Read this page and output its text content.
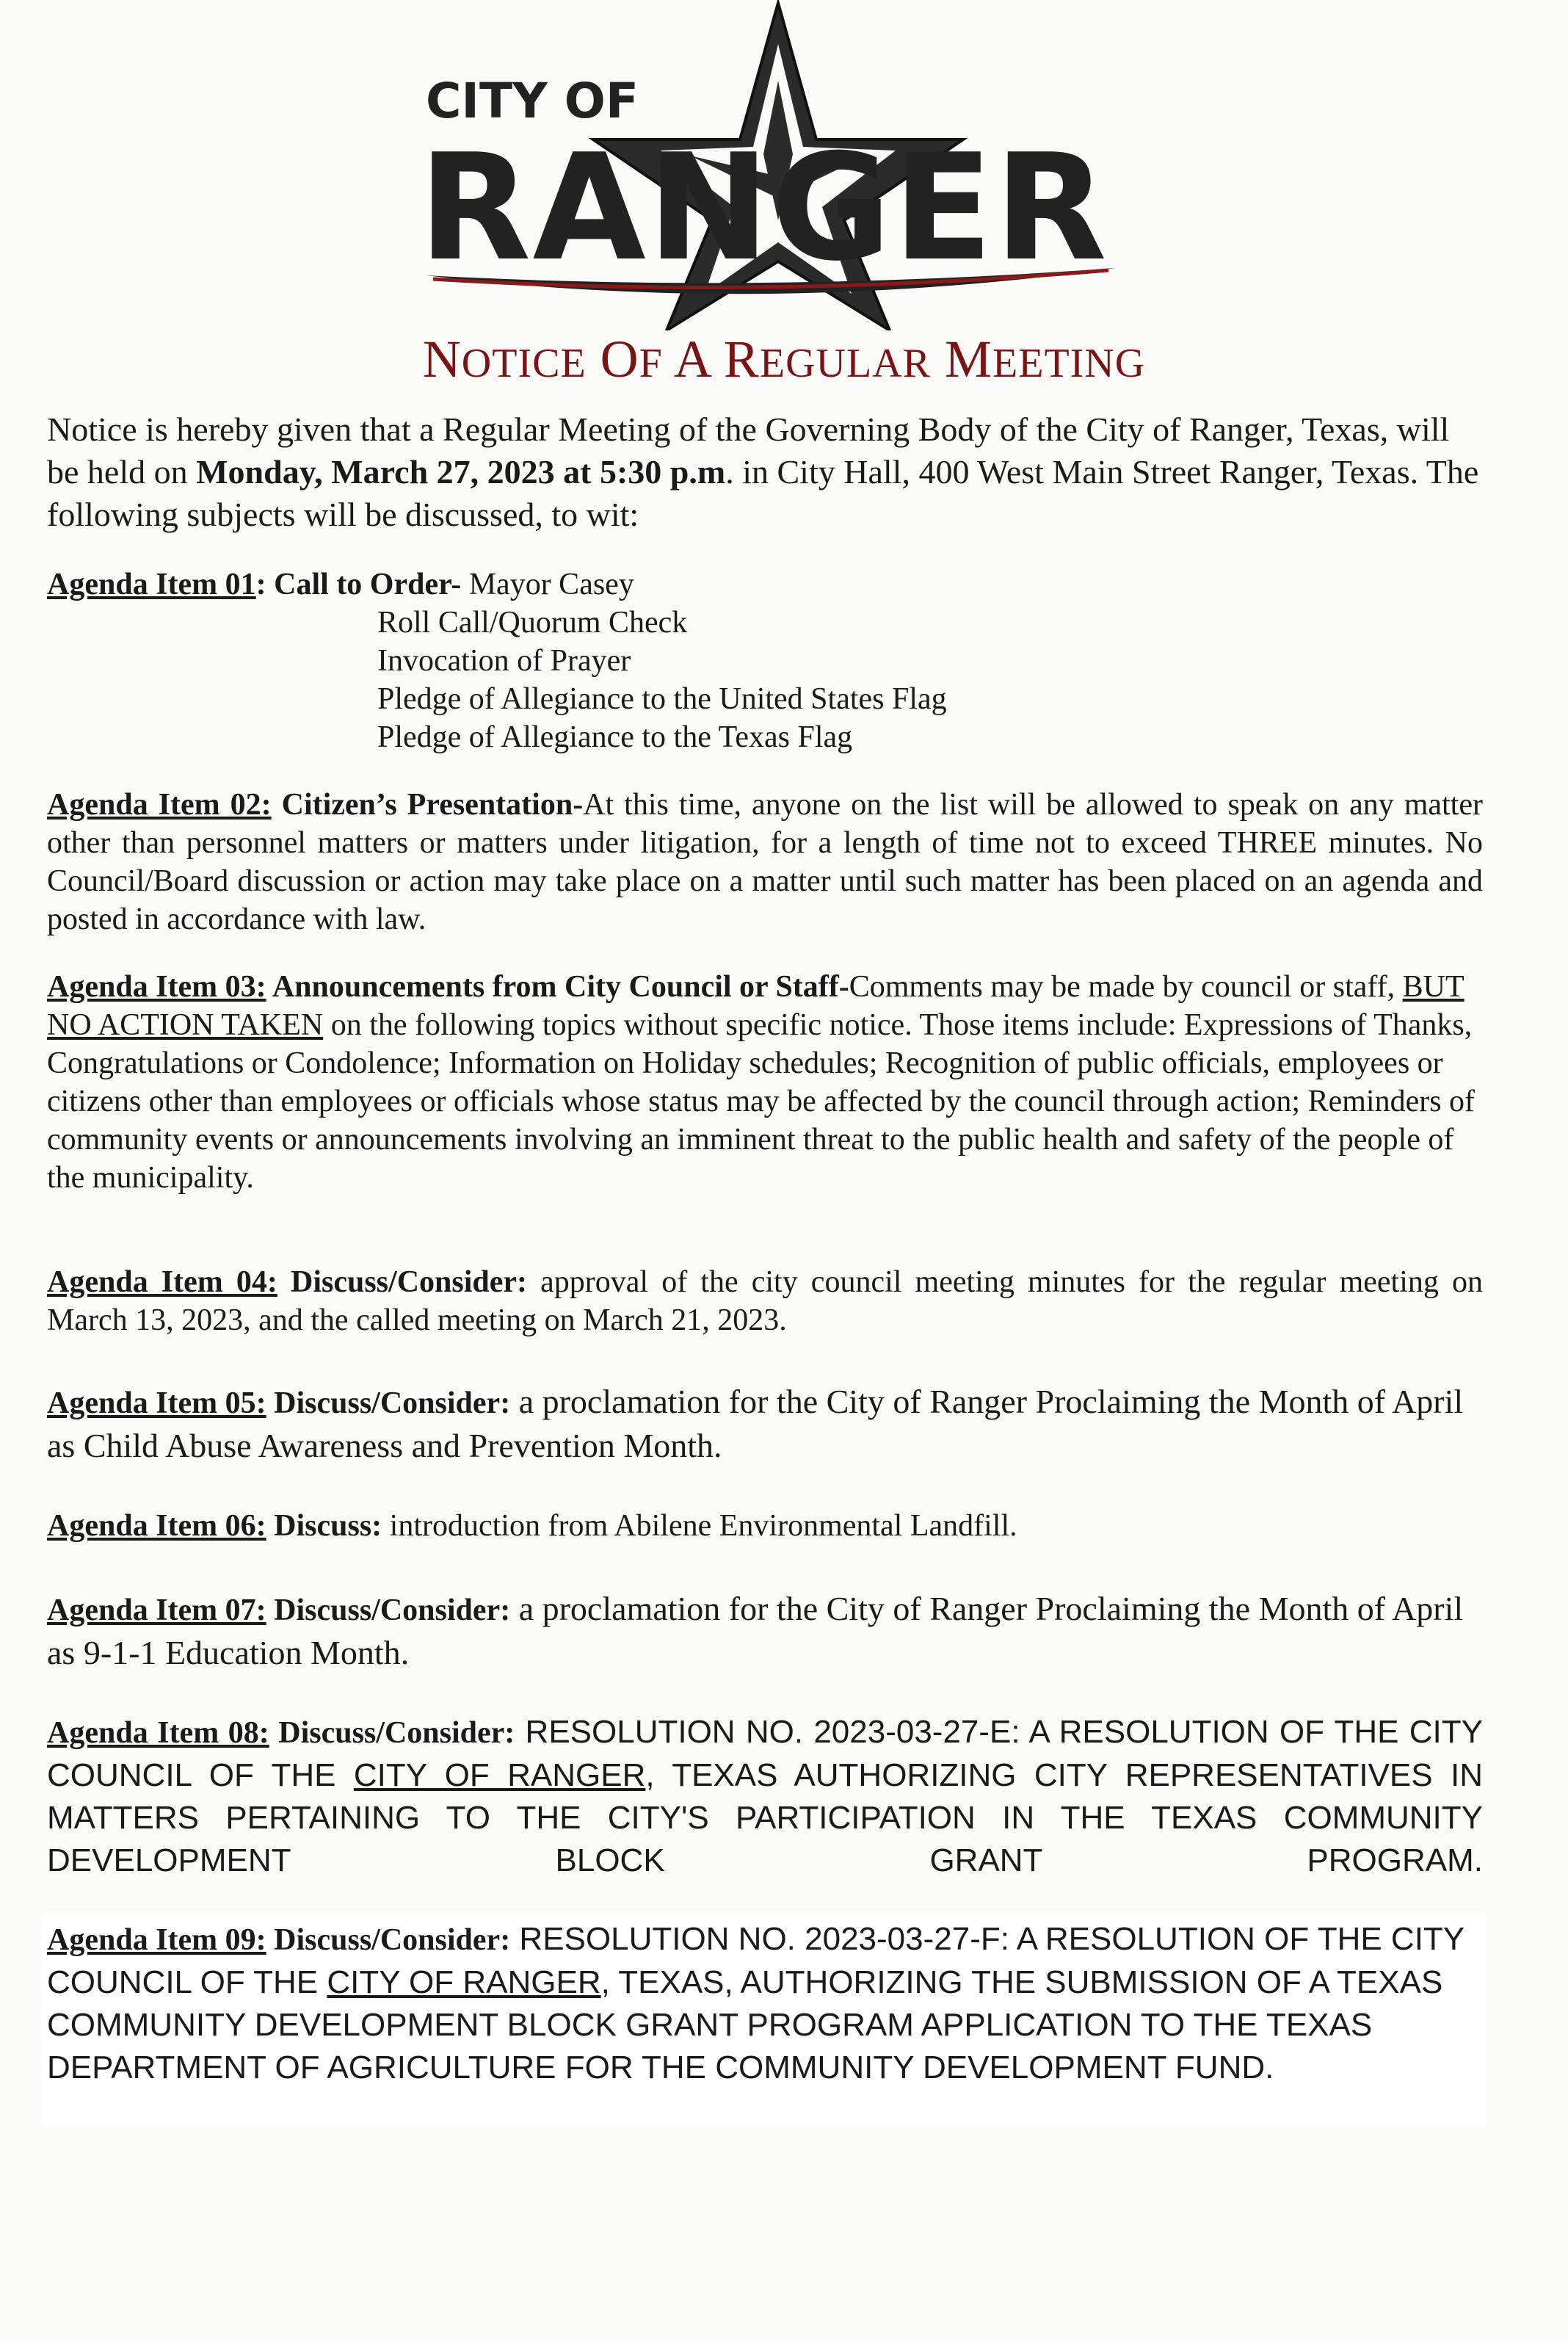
CITY OF
RANGER
NOTICE OF A REGULAR MEETING

Notice is hereby given that a Regular Meeting of the Governing Body of the City of Ranger, Texas, will be held on Monday, March 27, 2023 at 5:30 p.m. in City Hall, 400 West Main Street Ranger, Texas. The following subjects will be discussed, to wit:

Agenda Item 01: Call to Order- Mayor Casey

Roll Call/Quorum Check

Invocation of Prayer

Pledge of Allegiance to the United States Flag

Pledge of Allegiance to the Texas Flag

Agenda Item 02: Citizen’s Presentation-At this time, anyone on the list will be allowed to speak on any matter other than personnel matters or matters under litigation, for a length of time not to exceed THREE minutes. No Council/Board discussion or action may take place on a matter until such matter has been placed on an agenda and posted in accordance with law.

Agenda Item 03: Announcements from City Council or Staff-Comments may be made by council or staff, BUT NO ACTION TAKEN on the following topics without specific notice. Those items include: Expressions of Thanks, Congratulations or Condolence; Information on Holiday schedules; Recognition of public officials, employees or citizens other than employees or officials whose status may be affected by the council through action; Reminders of community events or announcements involving an imminent threat to the public health and safety of the people of the municipality.

Agenda Item 04: Discuss/Consider: approval of the city council meeting minutes for the regular meeting on March 13, 2023, and the called meeting on March 21, 2023.

Agenda Item 05: Discuss/Consider: a proclamation for the City of Ranger Proclaiming the Month of April as Child Abuse Awareness and Prevention Month.

Agenda Item 06: Discuss: introduction from Abilene Environmental Landfill.

Agenda Item 07: Discuss/Consider: a proclamation for the City of Ranger Proclaiming the Month of April as 9-1-1 Education Month.

Agenda Item 08: Discuss/Consider: RESOLUTION NO. 2023-03-27-E: A RESOLUTION OF THE CITY COUNCIL OF THE CITY OF RANGER, TEXAS AUTHORIZING CITY REPRESENTATIVES IN MATTERS PERTAINING TO THE CITY'S PARTICIPATION IN THE TEXAS COMMUNITY DEVELOPMENT BLOCK GRANT PROGRAM.

Agenda Item 09: Discuss/Consider: RESOLUTION NO. 2023-03-27-F: A RESOLUTION OF THE CITY COUNCIL OF THE CITY OF RANGER, TEXAS, AUTHORIZING THE SUBMISSION OF A TEXAS COMMUNITY DEVELOPMENT BLOCK GRANT PROGRAM APPLICATION TO THE TEXAS DEPARTMENT OF AGRICULTURE FOR THE COMMUNITY DEVELOPMENT FUND.
